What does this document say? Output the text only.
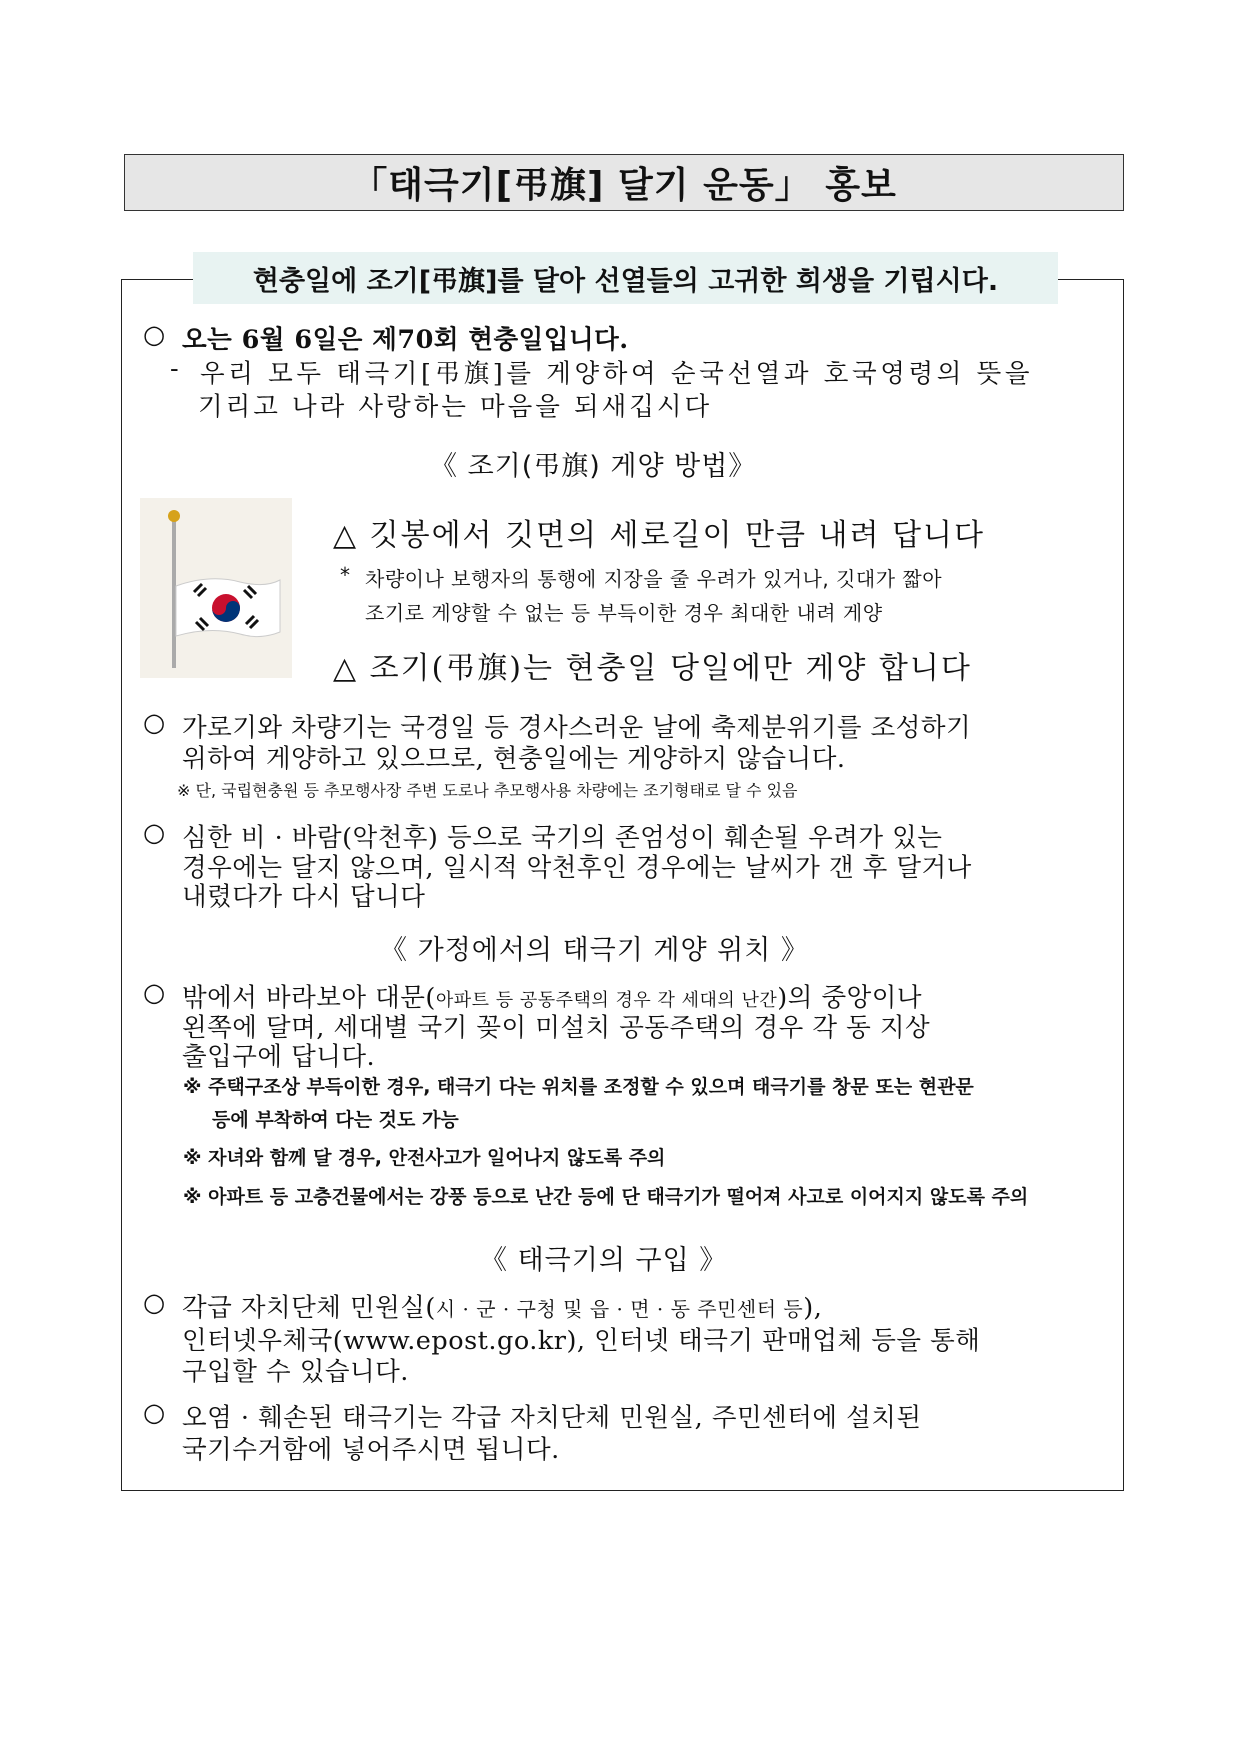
「태극기[弔旗] 달기 운동」 홍보
현충일에 조기[弔旗]를 달아 선열들의 고귀한 희생을 기립시다.
○ 오는 6월 6일은 제70회 현충일입니다.
- 우리 모두 태극기[弔旗]를 게양하여 순국선열과 호국영령의 뜻을
기리고 나라 사랑하는 마음을 되새깁시다
《 조기(弔旗) 게양 방법》
△ 깃봉에서 깃면의 세로길이 만큼 내려 답니다
* 차량이나 보행자의 통행에 지장을 줄 우려가 있거나, 깃대가 짧아
조기로 게양할 수 없는 등 부득이한 경우 최대한 내려 게양
△ 조기(弔旗)는 현충일 당일에만 게양 합니다
○ 가로기와 차량기는 국경일 등 경사스러운 날에 축제분위기를 조성하기
위하여 게양하고 있으므로, 현충일에는 게양하지 않습니다.
※ 단, 국립현충원 등 추모행사장 주변 도로나 추모행사용 차량에는 조기형태로 달 수 있음
○ 심한 비 · 바람(악천후) 등으로 국기의 존엄성이 훼손될 우려가 있는
경우에는 달지 않으며, 일시적 악천후인 경우에는 날씨가 갠 후 달거나
내렸다가 다시 답니다
《 가정에서의 태극기 게양 위치 》
○ 밖에서 바라보아 대문(아파트 등 공동주택의 경우 각 세대의 난간)의 중앙이나
왼쪽에 달며, 세대별 국기 꽂이 미설치 공동주택의 경우 각 동 지상
출입구에 답니다.
※ 주택구조상 부득이한 경우, 태극기 다는 위치를 조정할 수 있으며 태극기를 창문 또는 현관문
등에 부착하여 다는 것도 가능
※ 자녀와 함께 달 경우, 안전사고가 일어나지 않도록 주의
※ 아파트 등 고층건물에서는 강풍 등으로 난간 등에 단 태극기가 떨어져 사고로 이어지지 않도록 주의
《 태극기의 구입 》
○ 각급 자치단체 민원실(시 · 군 · 구청 및 읍 · 면 · 동 주민센터 등),
인터넷우체국(www.epost.go.kr), 인터넷 태극기 판매업체 등을 통해
구입할 수 있습니다.
○ 오염 · 훼손된 태극기는 각급 자치단체 민원실, 주민센터에 설치된
국기수거함에 넣어주시면 됩니다.
